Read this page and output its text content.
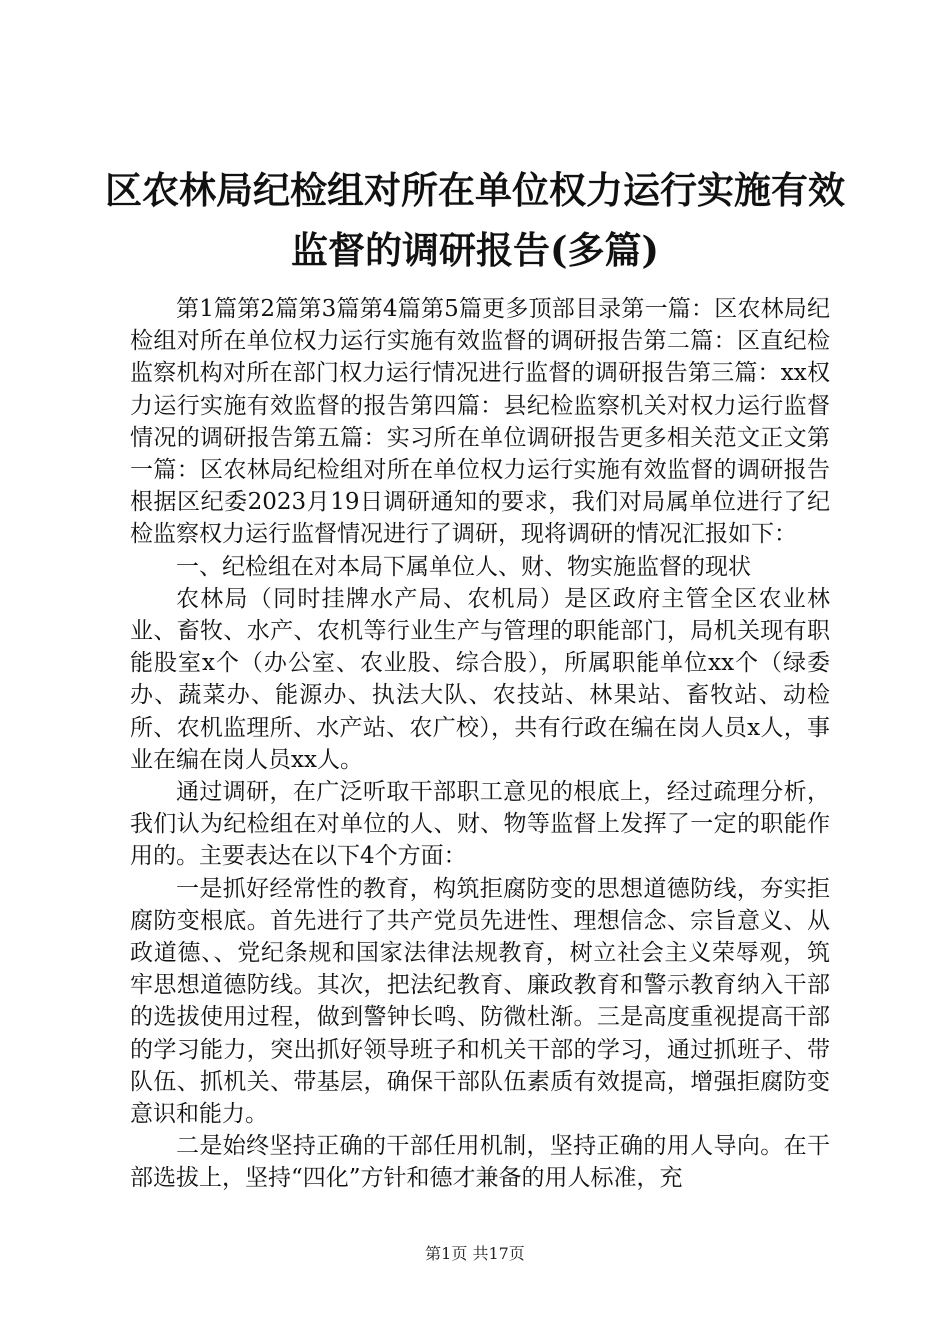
区农林局纪检组对所在单位权力运行实施有效
监督的调研报告(多篇)

第1篇第2篇第3篇第4篇第5篇更多顶部目录第一篇：区农林局纪检组对所在单位权力运行实施有效监督的调研报告第二篇：区直纪检监察机构对所在部门权力运行情况进行监督的调研报告第三篇：xx权力运行实施有效监督的报告第四篇：县纪检监察机关对权力运行监督情况的调研报告第五篇：实习所在单位调研报告更多相关范文正文第一篇：区农林局纪检组对所在单位权力运行实施有效监督的调研报告根据区纪委2023月19日调研通知的要求，我们对局属单位进行了纪检监察权力运行监督情况进行了调研，现将调研的情况汇报如下：

一、纪检组在对本局下属单位人、财、物实施监督的现状

农林局（同时挂牌水产局、农机局）是区政府主管全区农业林业、畜牧、水产、农机等行业生产与管理的职能部门，局机关现有职能股室x个（办公室、农业股、综合股），所属职能单位xx个（绿委办、蔬菜办、能源办、执法大队、农技站、林果站、畜牧站、动检所、农机监理所、水产站、农广校），共有行政在编在岗人员x人，事业在编在岗人员xx人。

通过调研，在广泛听取干部职工意见的根底上，经过疏理分析，我们认为纪检组在对单位的人、财、物等监督上发挥了一定的职能作用的。主要表达在以下4个方面：

一是抓好经常性的教育，构筑拒腐防变的思想道德防线，夯实拒腐防变根底。首先进行了共产党员先进性、理想信念、宗旨意义、从政道德、、党纪条规和国家法律法规教育，树立社会主义荣辱观，筑牢思想道德防线。其次，把法纪教育、廉政教育和警示教育纳入干部的选拔使用过程，做到警钟长鸣、防微杜渐。三是高度重视提高干部的学习能力，突出抓好领导班子和机关干部的学习，通过抓班子、带队伍、抓机关、带基层，确保干部队伍素质有效提高，增强拒腐防变意识和能力。

二是始终坚持正确的干部任用机制，坚持正确的用人导向。在干部选拔上，坚持“四化”方针和德才兼备的用人标准，充

第1页 共17页
